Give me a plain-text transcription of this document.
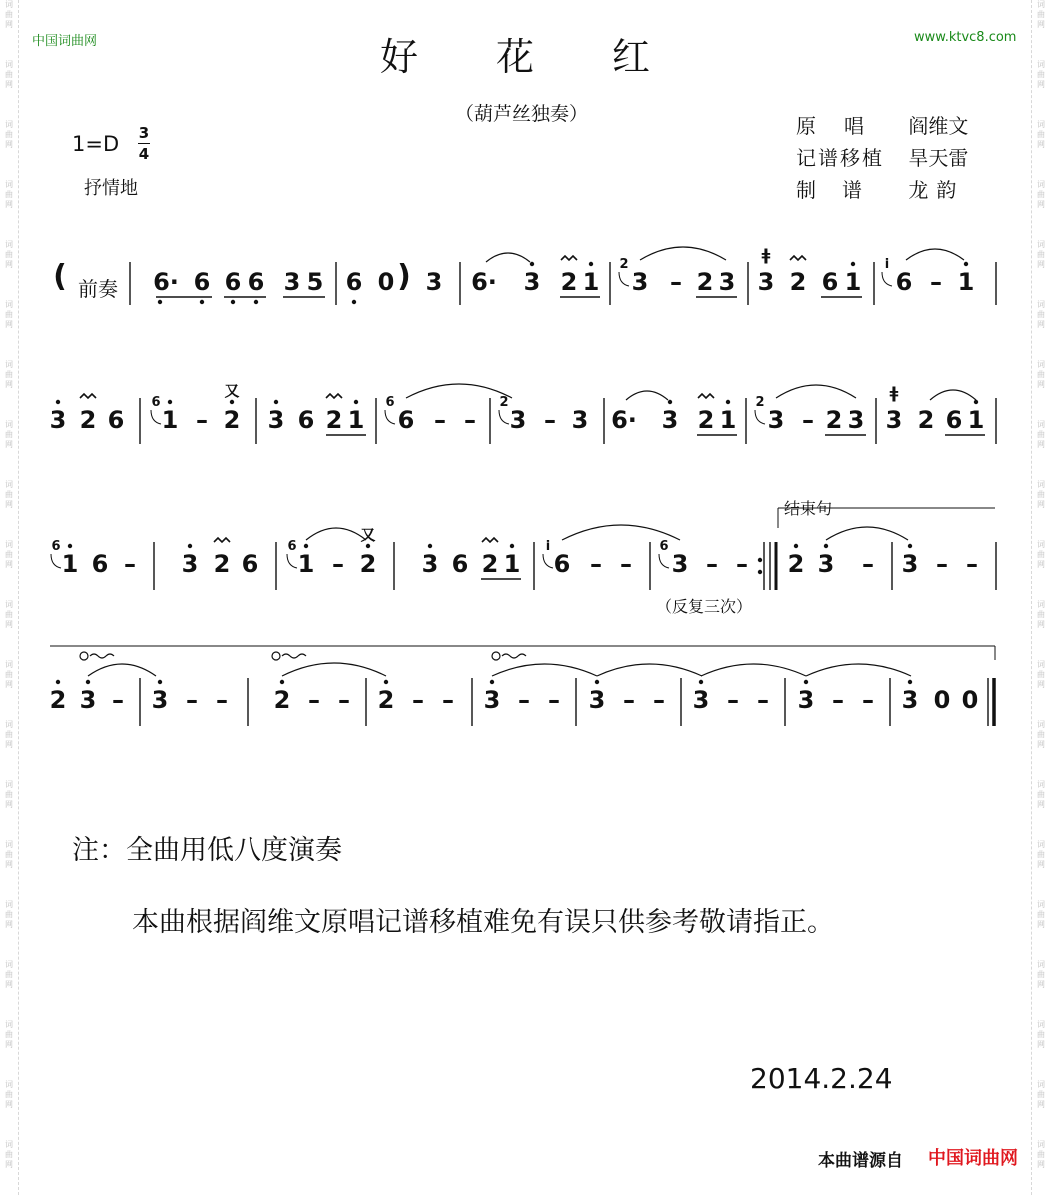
词
曲
网
词
曲
网
词
曲
网
词
曲
网
词
曲
网
词
曲
网
词
曲
网
词
曲
网
词
曲
网
词
曲
网
词
曲
网
词
曲
网
词
曲
网
词
曲
网
词
曲
网
词
曲
网
词
曲
网
词
曲
网
词
曲
网
词
曲
网
词
曲
网
词
曲
网
词
曲
网
词
曲
网
词
曲
网
词
曲
网
词
曲
网
词
曲
网
词
曲
网
词
曲
网
词
曲
网
词
曲
网
词
曲
网
词
曲
网
词
曲
网
词
曲
网
词
曲
网
词
曲
网
词
曲
网
词
曲
网
中国词曲网	www.ktvc8.com
好花红
（葫芦丝独奏）
1=D 3
4
抒情地
原唱 阎维文
记谱移植 旱天雷
制谱 龙韵
(	6· 6 6 6 3 5 6 0 ) 3 6· 3 2 1
2
3 – 2 3 3
ǂ
2 6 1
i
6 – 1
3 2 6
6
1 – 2
又
3 6 2 1
6
6 – –
2
3 – 3 6· 3 2 1
2
3 – 2 3 3
ǂ
2 6 1
6
1 6 – 3 2 6
6
1 – 2
又
3 6 2 1
i
6 – –
6
3 – – 2 3 – 3 – –
2 3 – 3 – – 2 – – 2 – – 3 – – 3 – – 3 – – 3 – – 3 0 0
前奏
结束句
（反复三次）
注：全曲用低八度演奏
本曲根据阎维文原唱记谱移植难免有误只供参考敬请指正。
2014.2.24
本曲谱源自 中国词曲网
